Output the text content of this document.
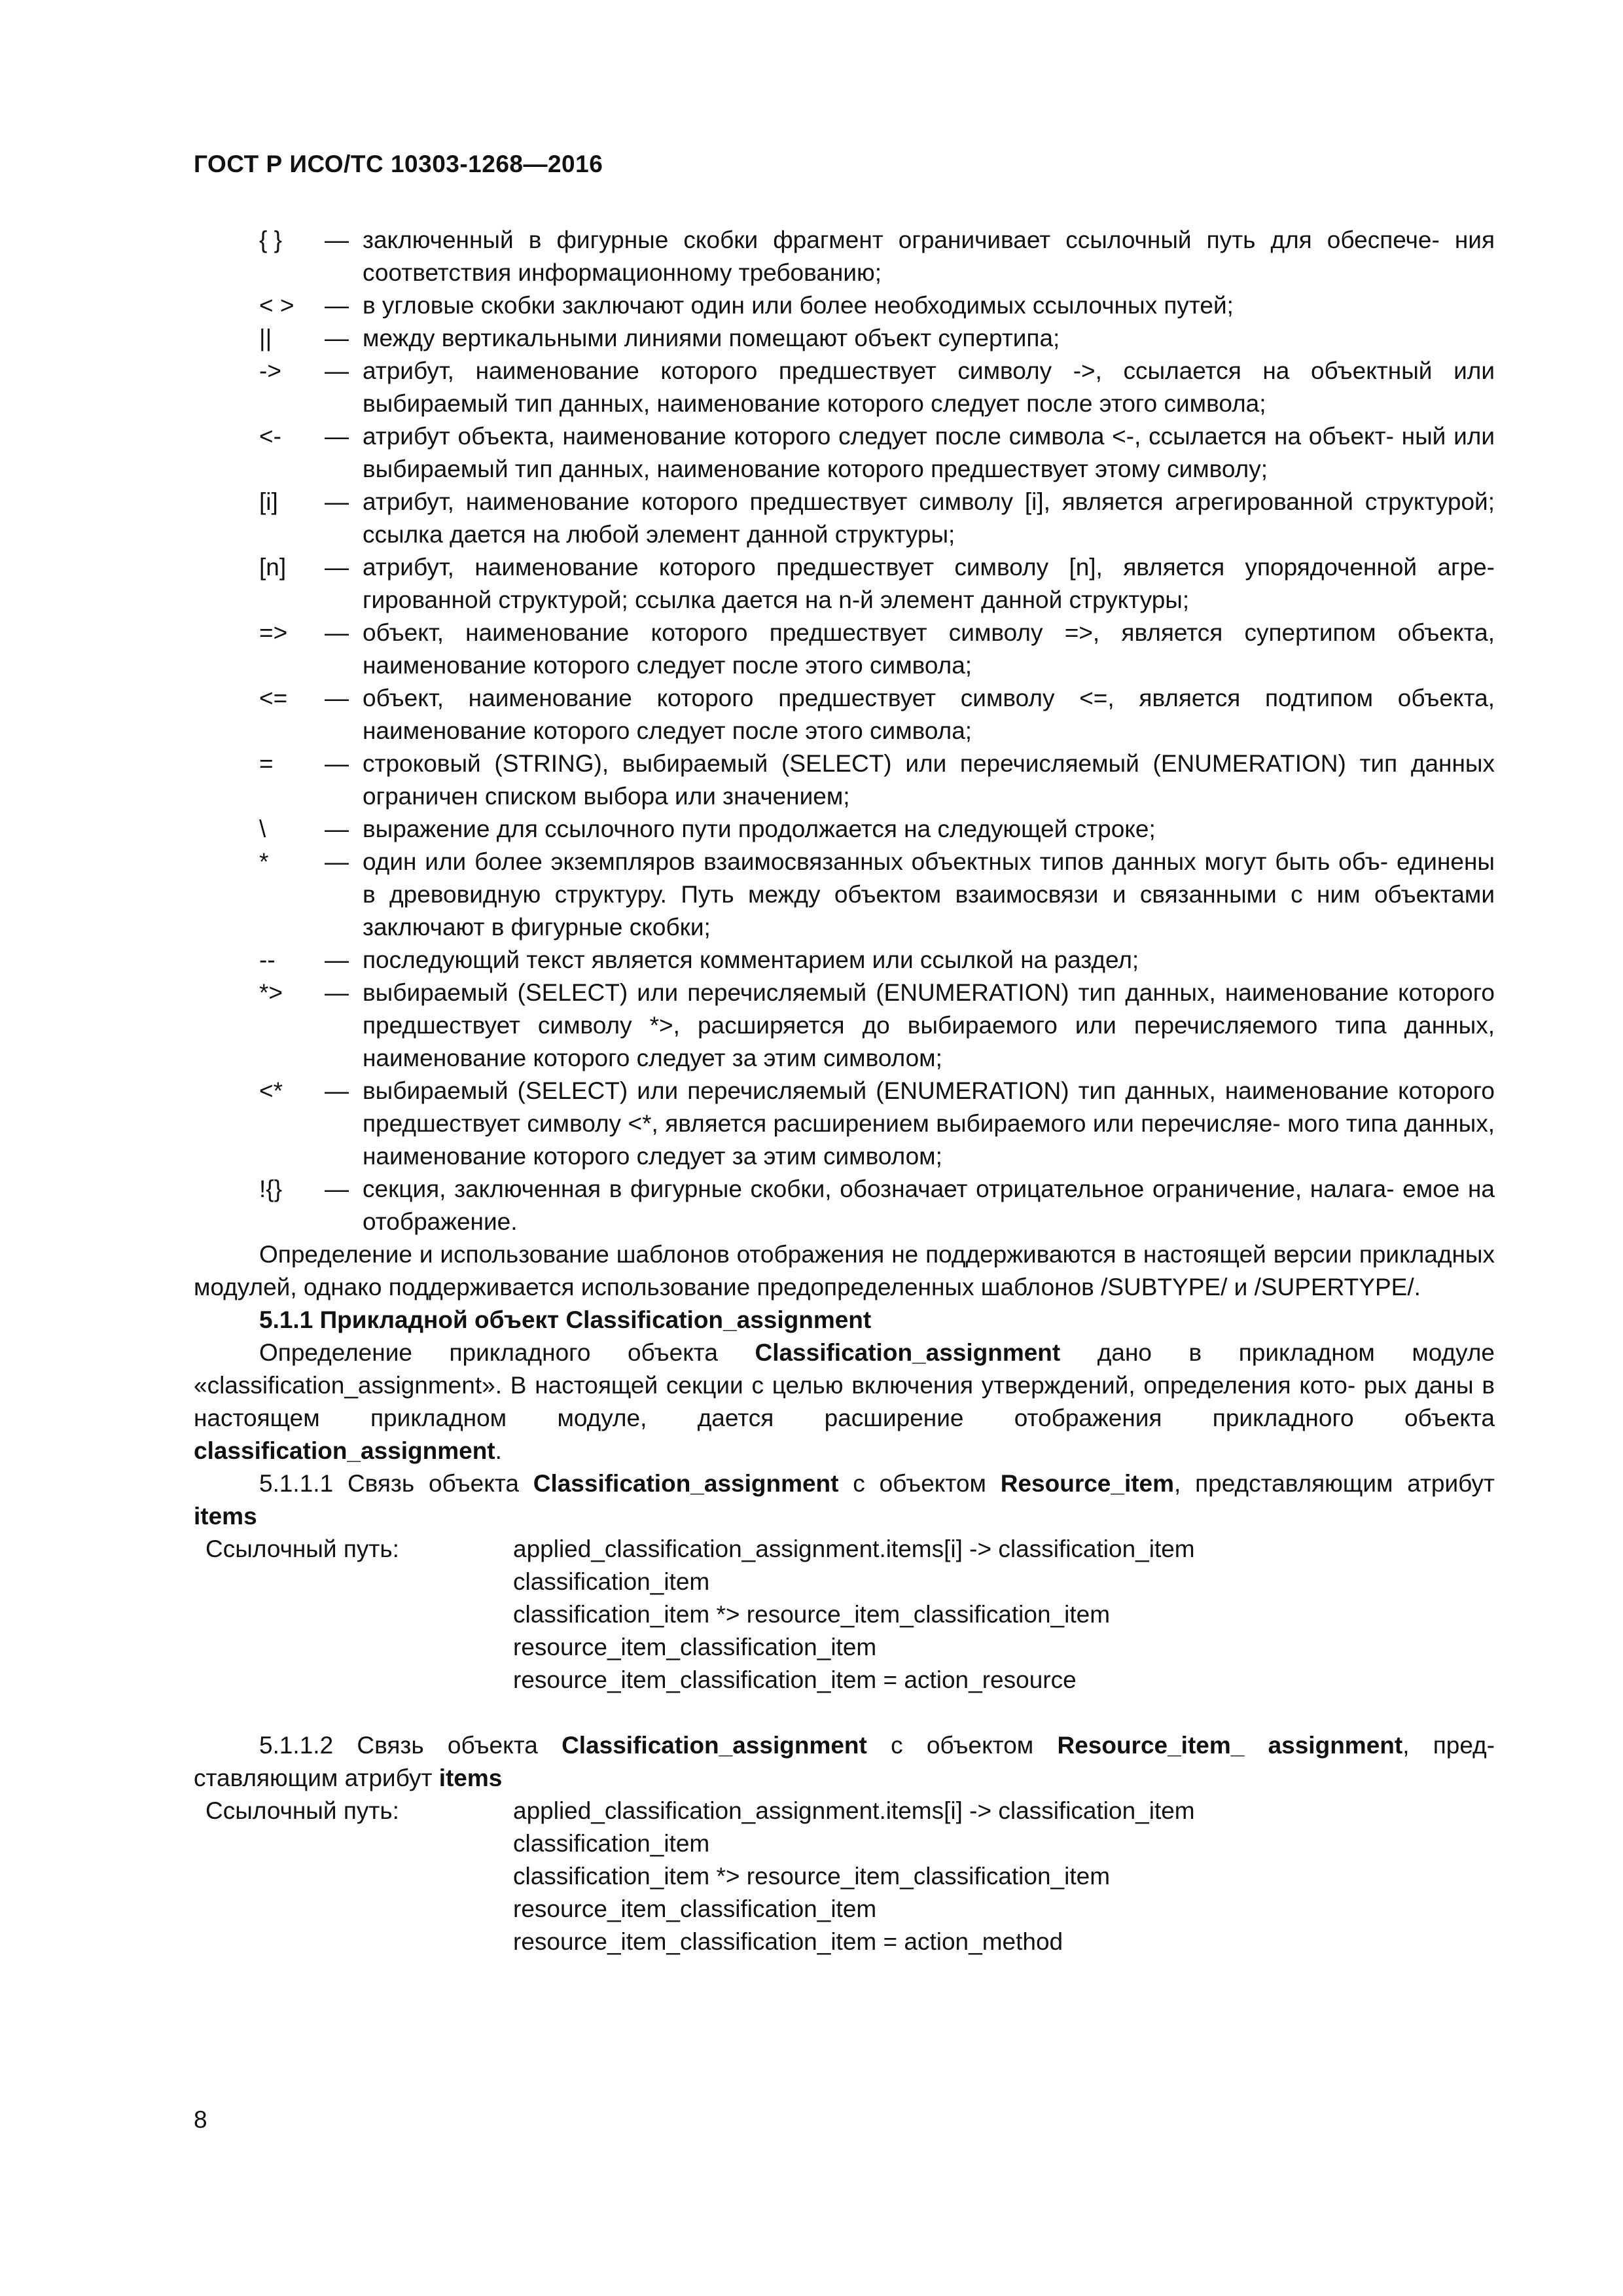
ГОСТ Р ИСО/ТС 10303-1268—2016
{ }	— заключенный в фигурные скобки фрагмент ограничивает ссылочный путь для обеспече- ния соответствия информационному требованию;
< >	— в угловые скобки заключают один или более необходимых ссылочных путей;
||	— между вертикальными линиями помещают объект супертипа;
->	— атрибут, наименование которого предшествует символу ->, ссылается на объектный или выбираемый тип данных, наименование которого следует после этого символа;
<-	— атрибут объекта, наименование которого следует после символа <-, ссылается на объект- ный или выбираемый тип данных, наименование которого предшествует этому символу;
[i]	— атрибут, наименование которого предшествует символу [i], является агрегированной структурой; ссылка дается на любой элемент данной структуры;
[n]	— атрибут, наименование которого предшествует символу [n], является упорядоченной агре- гированной структурой; ссылка дается на n-й элемент данной структуры;
=>	— объект, наименование которого предшествует символу =>, является супертипом объекта, наименование которого следует после этого символа;
<=	— объект, наименование которого предшествует символу <=, является подтипом объекта, наименование которого следует после этого символа;
=	— строковый (STRING), выбираемый (SELECT) или перечисляемый (ENUMERATION) тип данных ограничен списком выбора или значением;
\	— выражение для ссылочного пути продолжается на следующей строке;
*	— один или более экземпляров взаимосвязанных объектных типов данных могут быть объ- единены в древовидную структуру. Путь между объектом взаимосвязи и связанными с ним объектами заключают в фигурные скобки;
--	— последующий текст является комментарием или ссылкой на раздел;
*>	— выбираемый (SELECT) или перечисляемый (ENUMERATION) тип данных, наименование которого предшествует символу *>, расширяется до выбираемого или перечисляемого типа данных, наименование которого следует за этим символом;
<*	— выбираемый (SELECT) или перечисляемый (ENUMERATION) тип данных, наименование которого предшествует символу <*, является расширением выбираемого или перечисляе- мого типа данных, наименование которого следует за этим символом;
!{}	— секция, заключенная в фигурные скобки, обозначает отрицательное ограничение, налага- емое на отображение.

Определение и использование шаблонов отображения не поддерживаются в настоящей версии прикладных модулей, однако поддерживается использование предопределенных шаблонов /SUBTYPE/ и /SUPERTYPE/.

5.1.1 Прикладной объект Classification_assignment

Определение прикладного объекта Classification_assignment дано в прикладном модуле «classification_assignment». В настоящей секции с целью включения утверждений, определения кото- рых даны в настоящем прикладном модуле, дается расширение отображения прикладного объекта classification_assignment.

5.1.1.1 Связь объекта Classification_assignment с объектом Resource_item, представляющим атрибут items

Ссылочный путь:	applied_classification_assignment.items[i] -> classification_item
classification_item
classification_item *> resource_item_classification_item
resource_item_classification_item
resource_item_classification_item = action_resource

5.1.1.2 Связь объекта Classification_assignment с объектом Resource_item_ assignment, пред- ставляющим атрибут items

Ссылочный путь:	applied_classification_assignment.items[i] -> classification_item
classification_item
classification_item *> resource_item_classification_item
resource_item_classification_item
resource_item_classification_item = action_method
8
